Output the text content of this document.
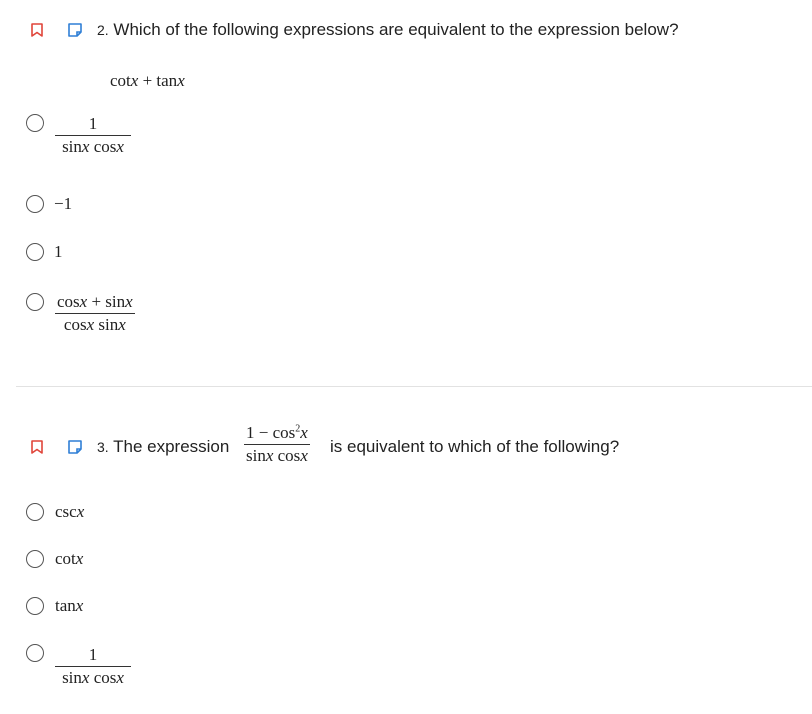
2. Which of the following expressions are equivalent to the expression below?
cotx + tanx
$\frac{1}{\text{sinx cosx}}$
−1
1
$\frac{\cos x + \sin x}{\text{cosx sinx}}$
3. The expression $\frac{1 - \cos^2x}{\text{sinx cosx}}$ is equivalent to which of the following?
cscx
cotx
tanx
$\frac{1}{\text{sinx cosx}}$
